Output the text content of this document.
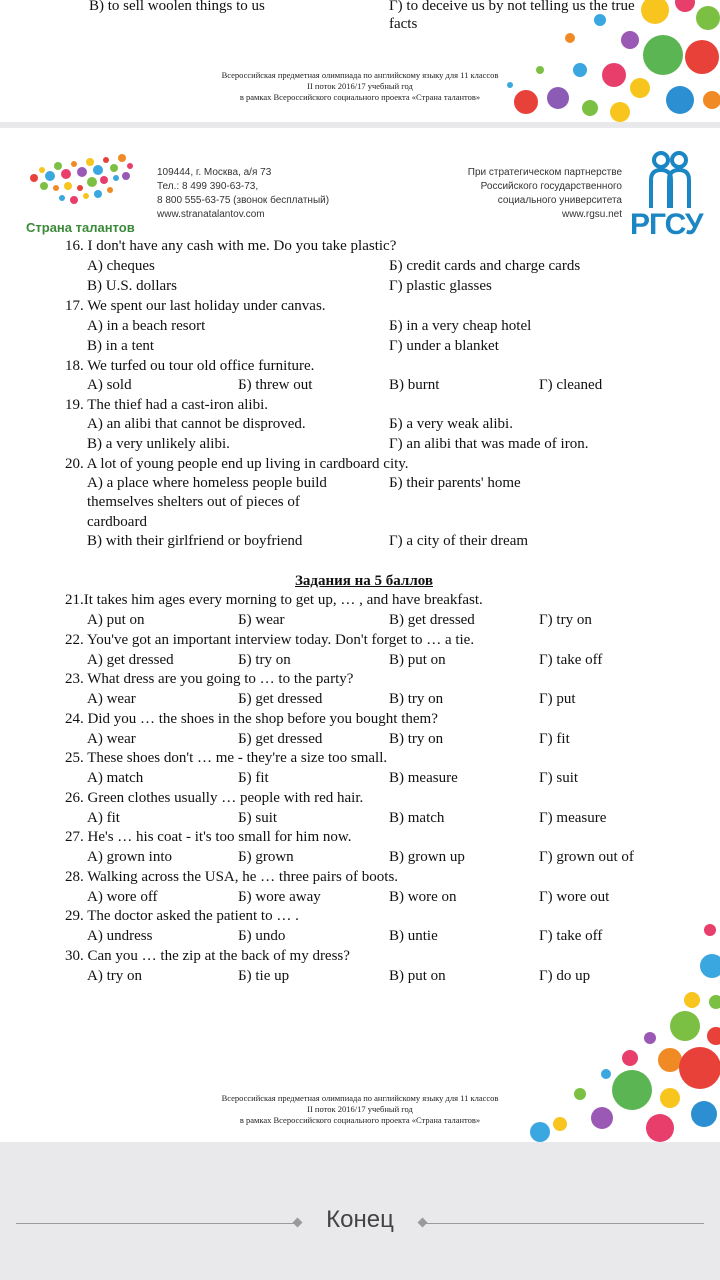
В) to sell woolen things to us	Г) to deceive us by not telling us the true
facts
Всероссийская предметная олимпиада по английскому языку для 11 классов
II поток 2016/17 учебный год
в рамках Всероссийского социального проекта «Страна талантов»
Страна талантов
109444, г. Москва, а/я 73
Тел.: 8 499 390-63-73,
8 800 555-63-75 (звонок бесплатный)
www.stranatalantov.com
При стратегическом партнерстве
Российского государственного
социального университета
www.rgsu.net РГСУ
16. I don't have any cash with me. Do you take plastic?
А) cheques	Б) credit cards and charge cards
В) U.S. dollars	Г) plastic glasses
17. We spent our last holiday under canvas.
А) in a beach resort	Б) in a very cheap hotel
В) in a tent	Г) under a blanket
18. We turfed ou tour old office furniture.
А) sold	Б) threw out	В) burnt	Г) cleaned
19. The thief had a cast-iron alibi.
А) an alibi that cannot be disproved.	Б) a very weak alibi.
В) a very unlikely alibi.	Г) an alibi that was made of iron.
20. A lot of young people end up living in cardboard city.
А) a place where homeless people build
themselves shelters out of pieces of
cardboard
Б) their parents' home
В) with their girlfriend or boyfriend	Г) a city of their dream
Задания на 5 баллов
21.It takes him ages every morning to get up, … , and have breakfast.
А) put on	Б) wear	В) get dressed	Г) try on
22. You've got an important interview today. Don't forget to … a tie.
А) get dressed	Б) try on	В) put on	Г) take off
23. What dress are you going to … to the party?
А) wear	Б) get dressed	В) try on	Г) put
24. Did you … the shoes in the shop before you bought them?
А) wear	Б) get dressed	В) try on	Г) fit
25. These shoes don't … me - they're a size too small.
А) match	Б) fit	В) measure	Г) suit
26. Green clothes usually … people with red hair.
А) fit	Б) suit	В) match	Г) measure
27. He's … his coat - it's too small for him now.
А) grown into	Б) grown	В) grown up	Г) grown out of
28. Walking across the USA, he … three pairs of boots.
А) wore off	Б) wore away	В) wore on	Г) wore out
29. The doctor asked the patient to … .
А) undress	Б) undo	В) untie	Г) take off
30. Can you … the zip at the back of my dress?
А) try on	Б) tie up	В) put on	Г) do up
Всероссийская предметная олимпиада по английскому языку для 11 классов
II поток 2016/17 учебный год
в рамках Всероссийского социального проекта «Страна талантов»
Конец
